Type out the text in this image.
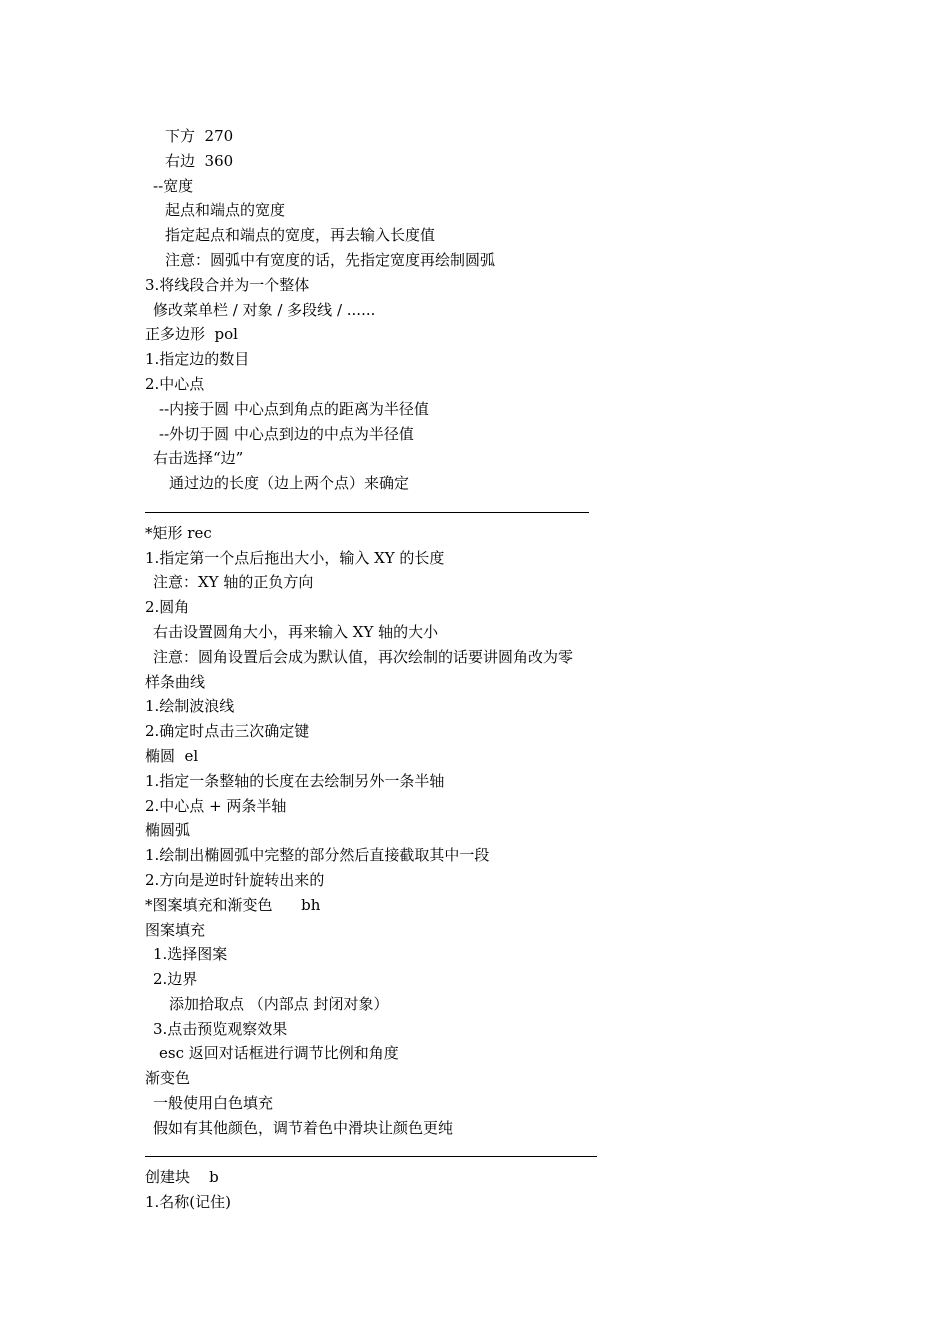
下方  270
右边  360
--宽度
起点和端点的宽度
指定起点和端点的宽度，再去输入长度值
注意：圆弧中有宽度的话，先指定宽度再绘制圆弧
3.将线段合并为一个整体
修改菜单栏 / 对象 / 多段线 / ......
正多边形  pol
1.指定边的数目
2.中心点
--内接于圆 中心点到角点的距离为半径值
--外切于圆 中心点到边的中点为半径值
右击选择“边”
通过边的长度（边上两个点）来确定
*矩形 rec
1.指定第一个点后拖出大小，输入 XY 的长度
注意：XY 轴的正负方向
2.圆角
右击设置圆角大小，再来输入 XY 轴的大小
注意：圆角设置后会成为默认值，再次绘制的话要讲圆角改为零
样条曲线
1.绘制波浪线
2.确定时点击三次确定键
椭圆  el
1.指定一条整轴的长度在去绘制另外一条半轴
2.中心点 + 两条半轴
椭圆弧
1.绘制出椭圆弧中完整的部分然后直接截取其中一段
2.方向是逆时针旋转出来的
*图案填充和渐变色      bh
图案填充
1.选择图案
2.边界
添加拾取点 （内部点 封闭对象）
3.点击预览观察效果
esc 返回对话框进行调节比例和角度
渐变色
一般使用白色填充
假如有其他颜色，调节着色中滑块让颜色更纯
创建块    b
1.名称(记住)
